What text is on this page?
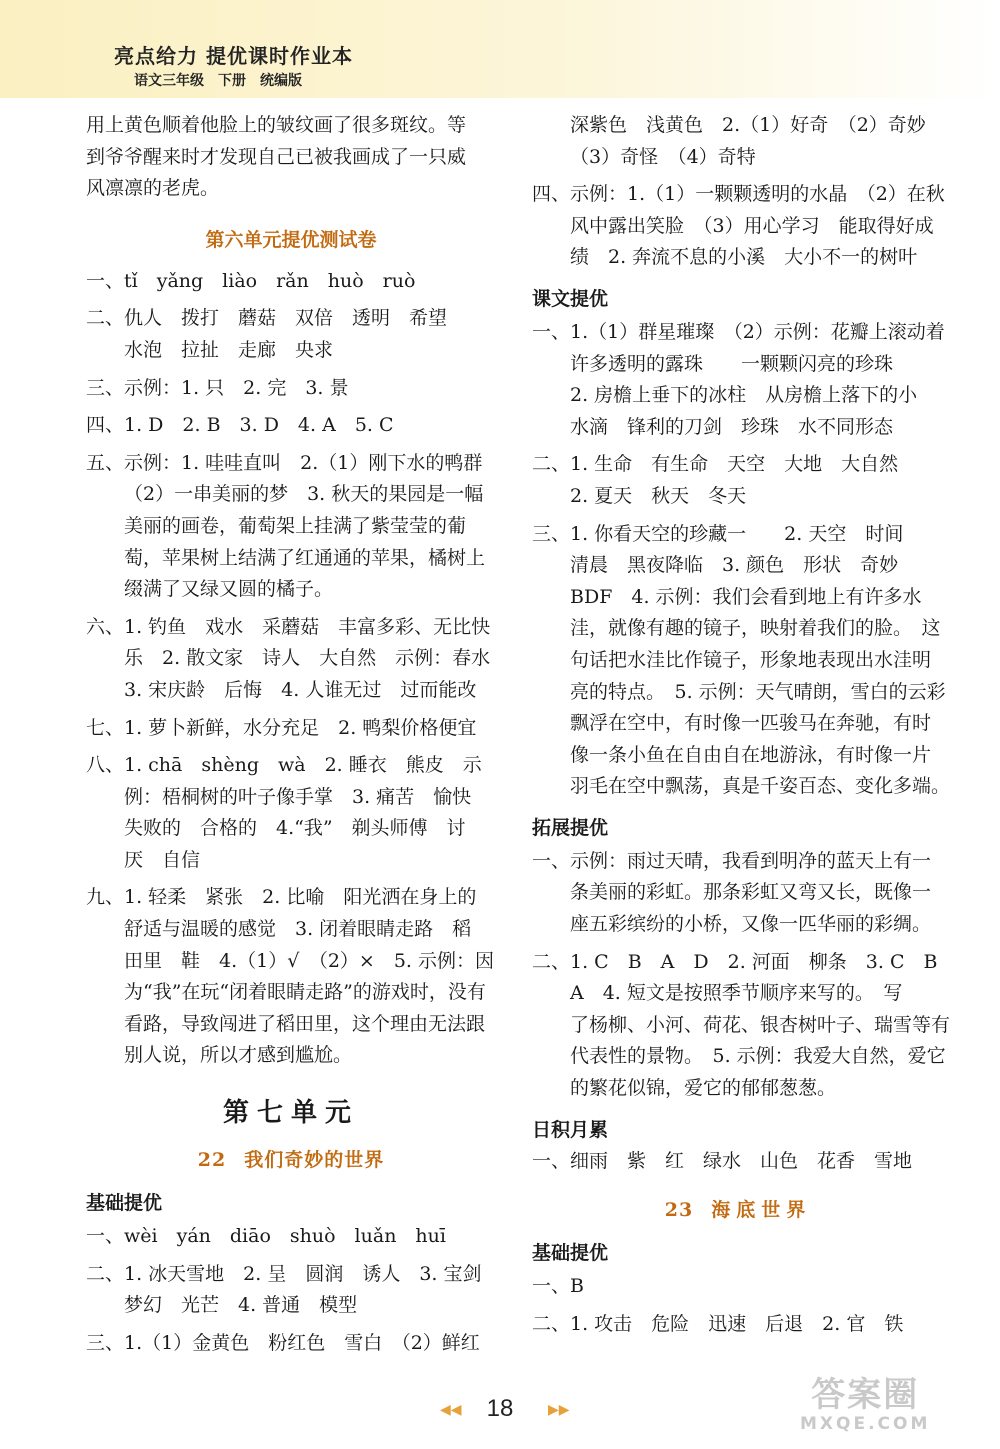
亮点给力 提优课时作业本
语文三年级　下册　统编版
用上黄色顺着他脸上的皱纹画了很多斑纹。等
到爷爷醒来时才发现自己已被我画成了一只威
风凛凛的老虎。
第六单元提优测试卷
一、tǐ　yǎng　liào　rǎn　huò　ruò
二、仇人　拨打　蘑菇　双倍　透明　希望
水泡　拉扯　走廊　央求
三、示例：1. 只　2. 完　3. 景
四、1. D　2. B　3. D　4. A　5. C
五、示例：1. 哇哇直叫　2.（1）刚下水的鸭群
（2）一串美丽的梦　3. 秋天的果园是一幅
美丽的画卷，葡萄架上挂满了紫莹莹的葡
萄，苹果树上结满了红通通的苹果，橘树上
缀满了又绿又圆的橘子。
六、1. 钓鱼　戏水　采蘑菇　丰富多彩、无比快
乐　2. 散文家　诗人　大自然　示例：春水
3. 宋庆龄　后悔　4. 人谁无过　过而能改
七、1. 萝卜新鲜，水分充足　2. 鸭梨价格便宜
八、1. chā　shèng　wà　2. 睡衣　熊皮　示
例：梧桐树的叶子像手掌　3. 痛苦　愉快
失败的　合格的　4.“我”　剃头师傅　讨
厌　自信
九、1. 轻柔　紧张　2. 比喻　阳光洒在身上的
舒适与温暖的感觉　3. 闭着眼睛走路　稻
田里　鞋　4.（1）√　（2）×　5. 示例：因
为“我”在玩“闭着眼睛走路”的游戏时，没有
看路，导致闯进了稻田里，这个理由无法跟
别人说，所以才感到尴尬。
第七单元
22 我们奇妙的世界
基础提优
一、wèi　yán　diāo　shuò　luǎn　huī
二、1. 冰天雪地　2. 呈　圆润　诱人　3. 宝剑
梦幻　光芒　4. 普通　模型
三、1.（1）金黄色　粉红色　雪白　（2）鲜红
深紫色　浅黄色　2.（1）好奇　（2）奇妙
（3）奇怪　（4）奇特
四、示例：1.（1）一颗颗透明的水晶　（2）在秋
风中露出笑脸　（3）用心学习　能取得好成
绩　2. 奔流不息的小溪　大小不一的树叶
课文提优
一、1.（1）群星璀璨　（2）示例：花瓣上滚动着
许多透明的露珠　　一颗颗闪亮的珍珠
2. 房檐上垂下的冰柱　从房檐上落下的小
水滴　锋利的刀剑　珍珠　水不同形态
二、1. 生命　有生命　天空　大地　大自然
2. 夏天　秋天　冬天
三、1. 你看天空的珍藏一　　2. 天空　时间
清晨　黑夜降临　3. 颜色　形状　奇妙
BDF　4. 示例：我们会看到地上有许多水
洼，就像有趣的镜子，映射着我们的脸。　这
句话把水洼比作镜子，形象地表现出水洼明
亮的特点。　5. 示例：天气晴朗，雪白的云彩
飘浮在空中，有时像一匹骏马在奔驰，有时
像一条小鱼在自由自在地游泳，有时像一片
羽毛在空中飘荡，真是千姿百态、变化多端。
拓展提优
一、示例：雨过天晴，我看到明净的蓝天上有一
条美丽的彩虹。那条彩虹又弯又长，既像一
座五彩缤纷的小桥，又像一匹华丽的彩绸。
二、1. C　B　A　D　2. 河面　柳条　3. C　B
A　4. 短文是按照季节顺序来写的。　写
了杨柳、小河、荷花、银杏树叶子、瑞雪等有
代表性的景物。　5. 示例：我爱大自然，爱它
的繁花似锦，爱它的郁郁葱葱。
日积月累
一、细雨　紫　红　绿水　山色　花香　雪地
23 海底世界
基础提优
一、B
二、1. 攻击　危险　迅速　后退　2. 官　铁
◀◀	18	▶▶	答案圈
MXQE.COM
